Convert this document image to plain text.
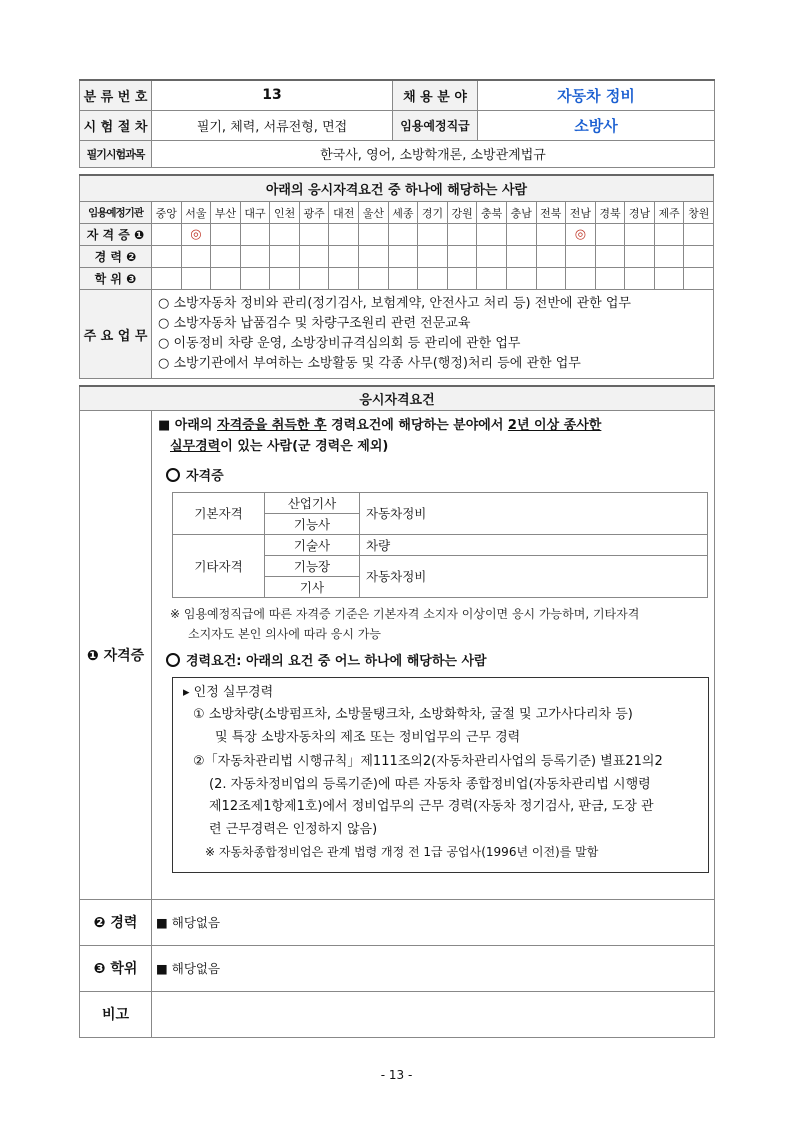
분 류 번 호	13	채 용 분 야	자동차 정비
시 험 절 차	필기, 체력, 서류전형, 면접	임용예정직급	소방사
필기시험과목	한국사, 영어, 소방학개론, 소방관계법규		
아래의 응시자격요건 중 하나에 해당하는 사람																			
임용예정기관	중앙	서울	부산	대구	인천	광주	대전	울산	세종	경기	강원	충북	충남	전북	전남	경북	경남	제주	창원
자 격 증 ❶		◎													◎				
경 력 ❷																			
학 위 ❸																			
주 요 업 무	○ 소방자동차 정비와 관리(정기검사, 보험계약, 안전사고 처리 등) 전반에 관한 업무
○ 소방자동차 납품검수 및 차량구조원리 관련 전문교육
○ 이동정비 차량 운영, 소방장비규격심의회 등 관리에 관한 업무
○ 소방기관에서 부여하는 소방활동 및 각종 사무(행정)처리 등에 관한 업무																		
응시자격요건
❶ 자격증	
■ 아래의 자격증을 취득한 후 경력요건에 해당하는 분야에서 2년 이상 종사한
실무경력이 있는 사람(군 경력은 제외)
자격증
기본자격	산업기사	자동차정비
기능사
기타자격	기술사	차량
기능장	자동차정비
기사
※ 임용예정직급에 따른 자격증 기준은 기본자격 소지자 이상이면 응시 가능하며, 기타자격
소지자도 본인 의사에 따라 응시 가능
경력요건: 아래의 요건 중 어느 하나에 해당하는 사람
▸ 인정 실무경력
① 소방차량(소방펌프차, 소방물탱크차, 소방화학차, 굴절 및 고가사다리차 등)
및 특장 소방자동차의 제조 또는 정비업무의 근무 경력
②「자동차관리법 시행규칙」제111조의2(자동차관리사업의 등록기준) 별표21의2
(2. 자동차정비업의 등록기준)에 따른 자동차 종합정비업(자동차관리법 시행령
제12조제1항제1호)에서 정비업무의 근무 경력(자동차 정기검사, 판금, 도장 관
련 근무경력은 인정하지 않음)
※ 자동차종합정비업은 관계 법령 개정 전 1급 공업사(1996년 이전)를 말함

❷ 경력	■ 해당없음
❸ 학위	■ 해당없음
비고	
- 13 -
